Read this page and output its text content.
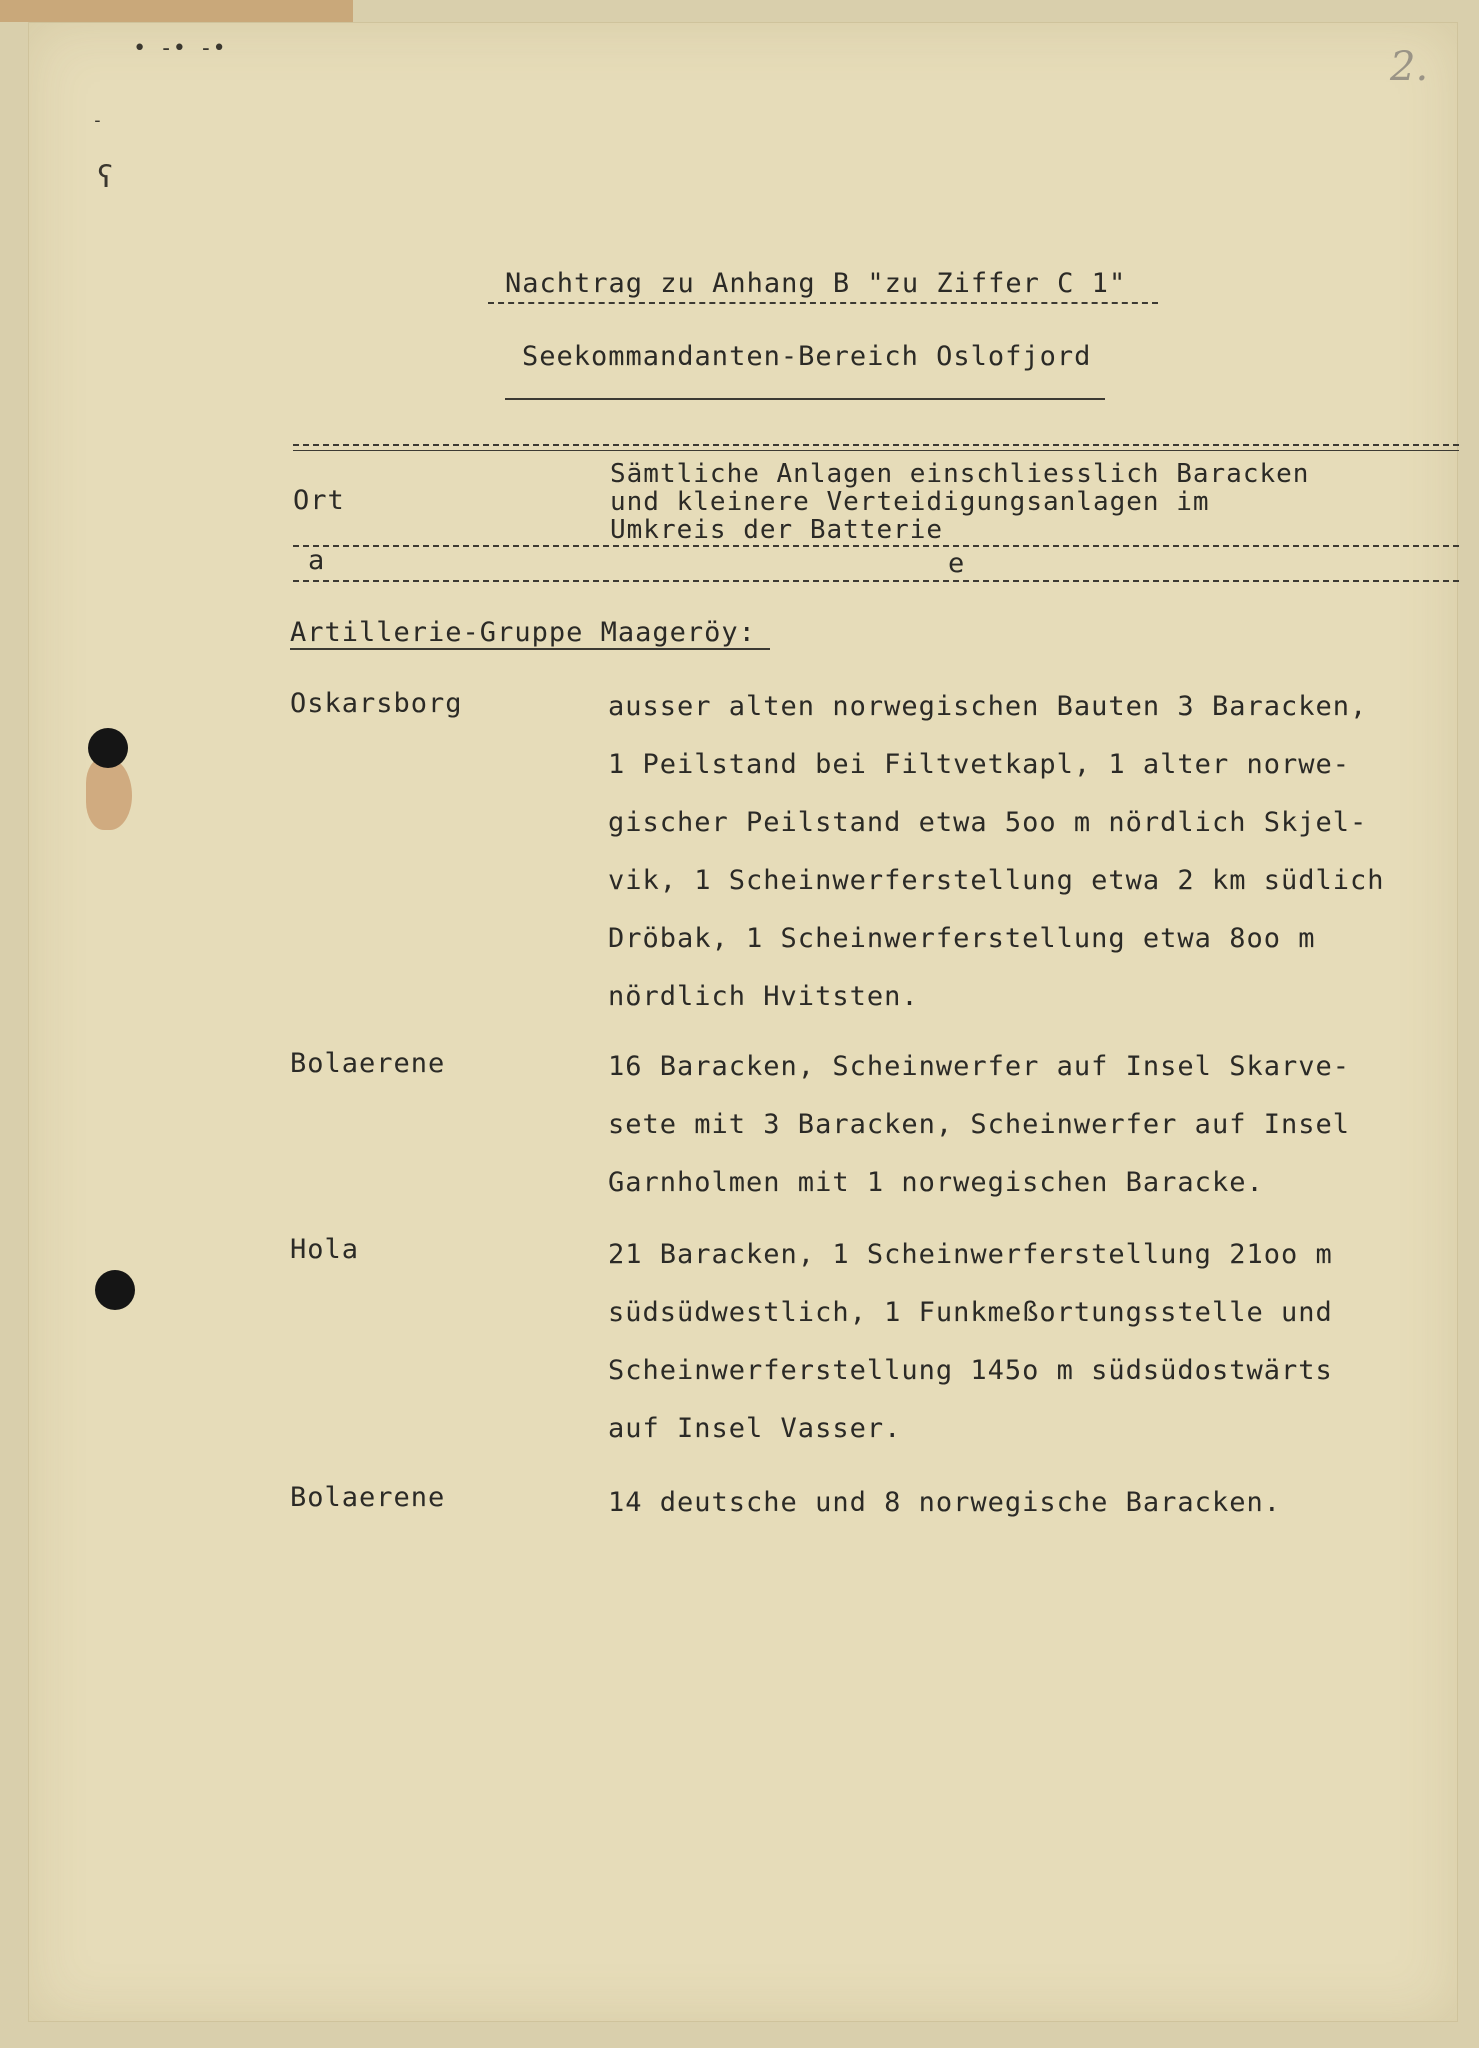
• ‑• ‑•
‑
ʕ
2.
Nachtrag zu Anhang B "zu Ziffer C 1"
Seekommandanten-Bereich Oslofjord
Ort
Sämtliche Anlagen einschliesslich Baracken
und kleinere Verteidigungsanlagen im
Umkreis der Batterie
a	e
Artillerie-Gruppe Maageröy:
Oskarsborg	ausser alten norwegischen Bauten 3 Baracken,
1 Peilstand bei Filtvetkapl, 1 alter norwe-
gischer Peilstand etwa 5oo m nördlich Skjel-
vik, 1 Scheinwerferstellung etwa 2 km südlich
Dröbak, 1 Scheinwerferstellung etwa 8oo m
nördlich Hvitsten.
Bolaerene	16 Baracken, Scheinwerfer auf Insel Skarve-
sete mit 3 Baracken, Scheinwerfer auf Insel
Garnholmen mit 1 norwegischen Baracke.
Hola	21 Baracken, 1 Scheinwerferstellung 21oo m
südsüdwestlich, 1 Funkmeßortungsstelle und
Scheinwerferstellung 145o m südsüdostwärts
auf Insel Vasser.
Bolaerene	14 deutsche und 8 norwegische Baracken.
